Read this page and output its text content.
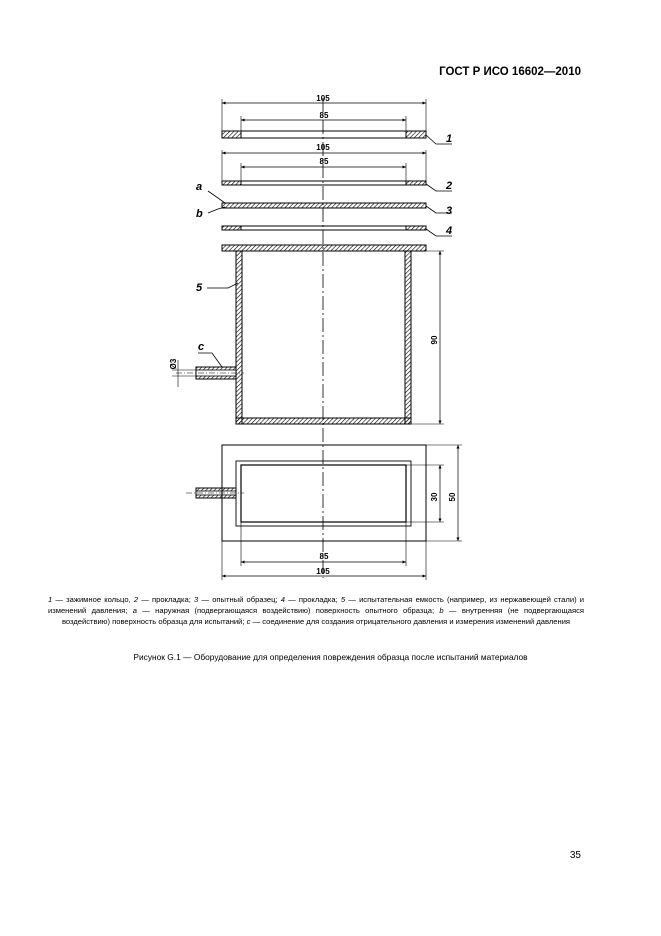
ГОСТ Р ИСО 16602—2010
105
85
1
105
85
2
a
b	3
4
5
90
c
Ø3
30 50
85
105
1 — зажимное кольцо, 2 — прокладка; 3 — опытный образец; 4 — прокладка; 5 — испытательная емкость (например, из нержавеющей стали) и изменений давления; a — наружная (подвергающаяся воздействию) поверхность опытного образца; b — внутренняя (не подвергающаяся воздействию) поверхность образца для испытаний; c — соединение для создания отрицательного давления и измерения изменений давления
Рисунок G.1 — Оборудование для определения повреждения образца после испытаний материалов
35
